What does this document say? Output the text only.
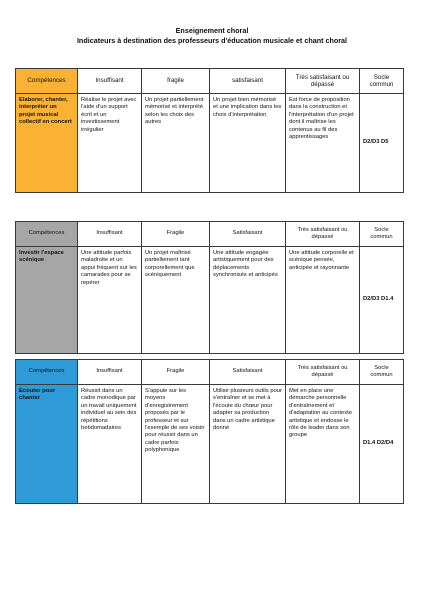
Enseignement choral
Indicateurs à destination des professeurs d'éducation musicale et chant choral
Compétences	Insuffisant	fragile	satisfaisant	Très satisfaisant ou dépassé	Socle commun
Elaborer, chanter, interpréter un projet musical collectif en concert	Réalise le projet avec l'aide d'un support écrit et un investissement irrégulier	Un projet partiellement mémorisé et interprété selon les choix des autres	Un projet bien mémorisé et une implication dans les choix d'interprétation	Est force de proposition dans la construction et l'interprétation d'un projet dont il maîtrise les contenus au fil des apprentissages	D2/D3 D5
Compétences	Insuffisant	Fragile	Satisfaisant	Très satisfaisant ou dépassé	Socle commun
Investir l'espace scénique	Une attitude parfois maladroite et un appui fréquent sur les camarades pour se repérer	Un projet maîtrisé partiellement tant corporellement que scéniquement	Une attitude engagée artistiquement pour des déplacements synchronisés et anticipés	Une attitude corporelle et scénique pensée, anticipée et rayonnante	D2/D3 D1.4
Compétences	Insuffisant	Fragile	Satisfaisant	Très satisfaisant ou dépassé	Socle commun
Ecouter pour chanter	Réussit dans un cadre monodique par un travail uniquement individuel au sein des répétitions hebdomadaires	S'appuie sur les moyens d'enregistrement proposés par le professeur et sur l'exemple de ses voisin pour réussir dans un cadre parfois polyphonique	Utilise plusieurs outils pour s'entraîner et se met à l'écoute du chœur pour adapter sa production dans un cadre artistique donné	Met en place une démarche personnelle d'entraînement et d'adaptation au contexte artistique et endosse le rôle de leader dans son groupe	D1.4 D2/D4
